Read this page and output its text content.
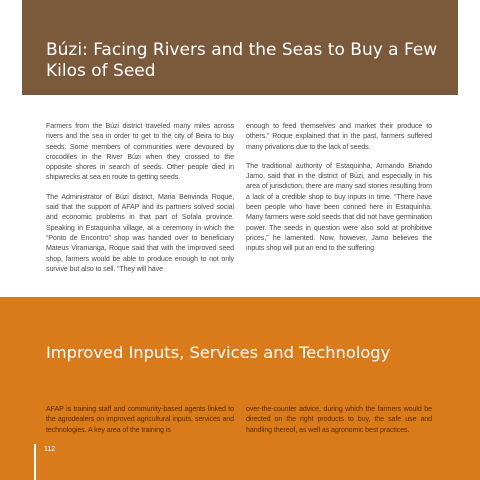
Búzi: Facing Rivers and the Seas to Buy a Few Kilos of Seed

Farmers from the Búzi district traveled many miles across rivers and the sea in order to get to the city of Beira to buy seeds. Some members of communities were devoured by crocodiles in the River Búzi when they crossed to the opposite shores in search of seeds. Other people died in shipwrecks at sea en route to getting seeds.

The Administrator of Búzi district, Maria Benvinda Roque, said that the support of AFAP and its partners solved social and economic problems in that part of Sofala province. Speaking in Estaquinha village, at a ceremony in which the “Ponto de Encontro” shop was handed over to beneficiary Mateus Viramanga, Roque said that with the improved seed shop, farmers would be able to produce enough to not only survive but also to sell. “They will have

enough to feed themselves and market their produce to others.” Roque explained that in the past, farmers suffered many privations due to the lack of seeds.

The traditional authority of Estaquinha, Armando Briando Jamo, said that in the district of Búzi, and especially in his area of jurisdiction, there are many sad stories resulting from a lack of a credible shop to buy inputs in time. “There have been people who have been conned here in Estaquinha. Many farmers were sold seeds that did not have germination power. The seeds in question were also sold at prohibitive prices,” he lamented. Now, however, Jamo believes the inputs shop will put an end to the suffering.

Improved Inputs, Services and Technology

AFAP is training staff and community-based agents linked to the agrodealers on improved agricultural inputs, services and technologies. A key area of the training is

over-the-counter advice, during which the farmers would be directed on the right products to buy, the safe use and handling thereof, as well as agronomic best practices.

112
